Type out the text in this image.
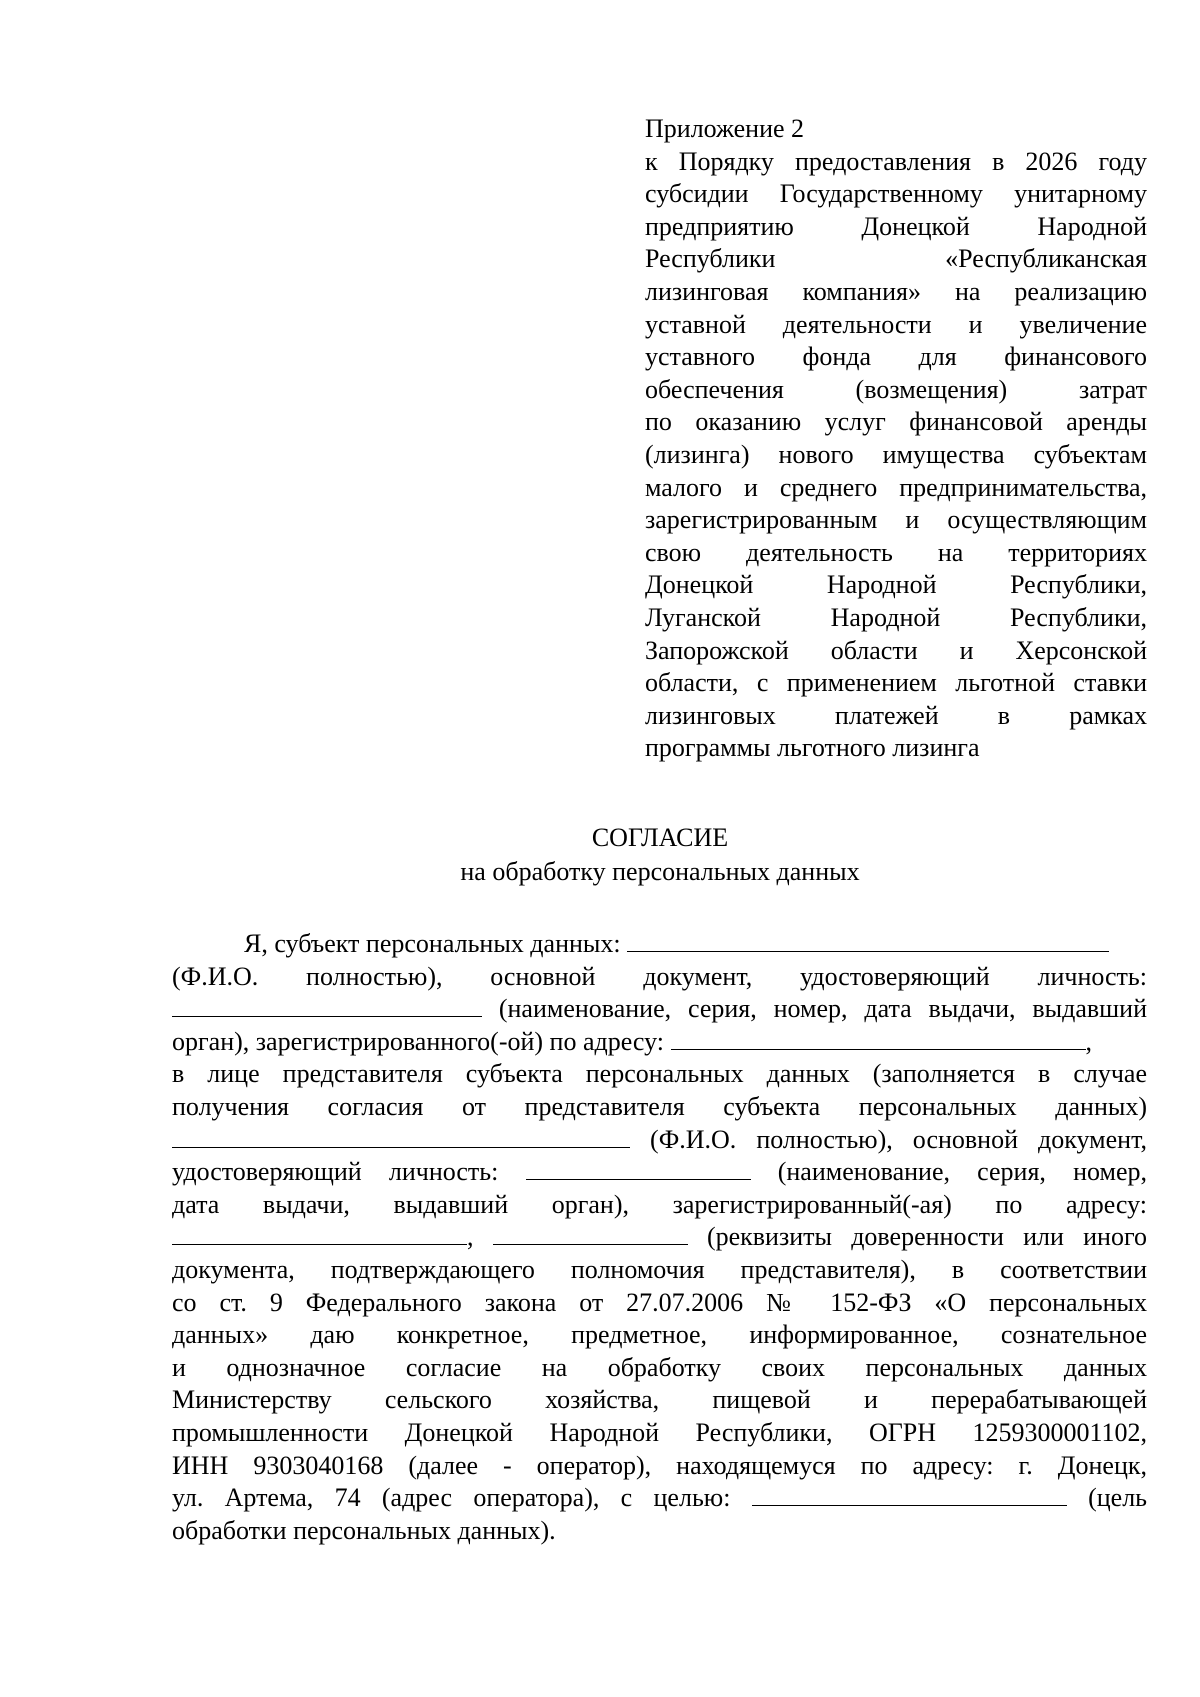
Приложение 2
к Порядку предоставления в 2026 году
субсидии Государственному унитарному
предприятию Донецкой Народной
Республики «Республиканская
лизинговая компания» на реализацию
уставной деятельности и увеличение
уставного фонда для финансового
обеспечения (возмещения) затрат
по оказанию услуг финансовой аренды
(лизинга) нового имущества субъектам
малого и среднего предпринимательства,
зарегистрированным и осуществляющим
свою деятельность на территориях
Донецкой Народной Республики,
Луганской Народной Республики,
Запорожской области и Херсонской
области, с применением льготной ставки
лизинговых платежей в рамках
программы льготного лизинга
СОГЛАСИЕ
на обработку персональных данных
Я, субъект персональных данных:
(Ф.И.О. полностью), основной документ, удостоверяющий личность:
(наименование, серия, номер, дата выдачи, выдавший
орган), зарегистрированного(-ой) по адресу:	,
в лице представителя субъекта персональных данных (заполняется в случае
получения согласия от представителя субъекта персональных данных)
(Ф.И.О. полностью), основной документ,
удостоверяющий личность:	(наименование, серия, номер,
дата выдачи, выдавший орган), зарегистрированный(-ая) по адресу:
,	(реквизиты доверенности или иного
документа, подтверждающего полномочия представителя), в соответствии
со ст. 9 Федерального закона от 27.07.2006 № 152-ФЗ «О персональных
данных» даю конкретное, предметное, информированное, сознательное
и однозначное согласие на обработку своих персональных данных
Министерству сельского хозяйства, пищевой и перерабатывающей
промышленности Донецкой Народной Республики, ОГРН 1259300001102,
ИНН 9303040168 (далее - оператор), находящемуся по адресу: г. Донецк,
ул. Артема, 74 (адрес оператора), с целью:	(цель
обработки персональных данных).
